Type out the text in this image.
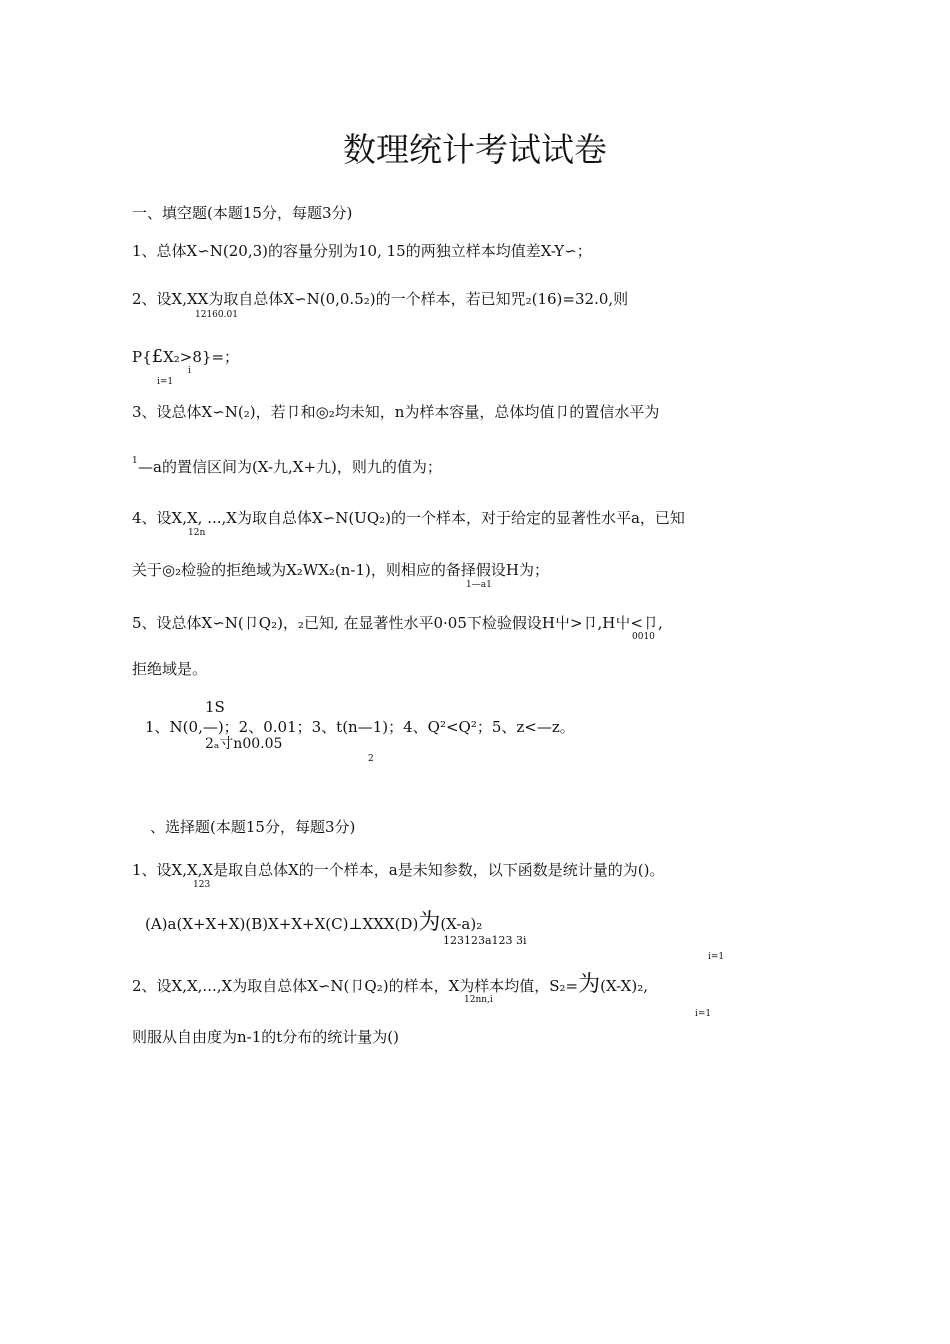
数理统计考试试卷
一、填空题(本题15分，每题3分)
1、总体X∽N(20,3)的容量分别为10, 15的两独立样本均值差X-Y∽；
2、设X,XX为取自总体X∽N(0,0.5₂)的一个样本，若已知咒₂(16)=32.0,则
12160.01
P{£X₂>8}=；
i
i=1
3、设总体X∽N(₂)，若卩和◎₂均未知，n为样本容量，总体均值卩的置信水平为
1 —a的置信区间为(X-九,X+九)，则九的值为；
4、设X,X, ...,X为取自总体X∽N(UQ₂)的一个样本，对于给定的显著性水平a，已知
12n
关于◎₂检验的拒绝域为X₂WX₂(n-1)，则相应的备择假设H为；
1—a1
5、设总体X∽N(卩Q₂)，₂已知, 在显著性水平0·05下检验假设H屮>卩,H屮<卩,
0010
拒绝域是。
1S
1、N(0,—)；2、0.01；3、t(n—1)；4、Q²<Q²；5、z<—z。
2ₐ寸n00.05
2
、选择题(本题15分，每题3分)
1、设X,X,X是取自总体X的一个样本，a是未知参数，以下函数是统计量的为()。
123
(A)a(X+X+X)(B)X+X+X(C)⊥XXX(D)为(X-a)₂
123123a123 3i
i=1
2、设X,X,...,X为取自总体X∽N(卩Q₂)的样本，X为样本均值，S₂=为(X-X)₂,
12nn,i
i=1
则服从自由度为n-1的t分布的统计量为()
